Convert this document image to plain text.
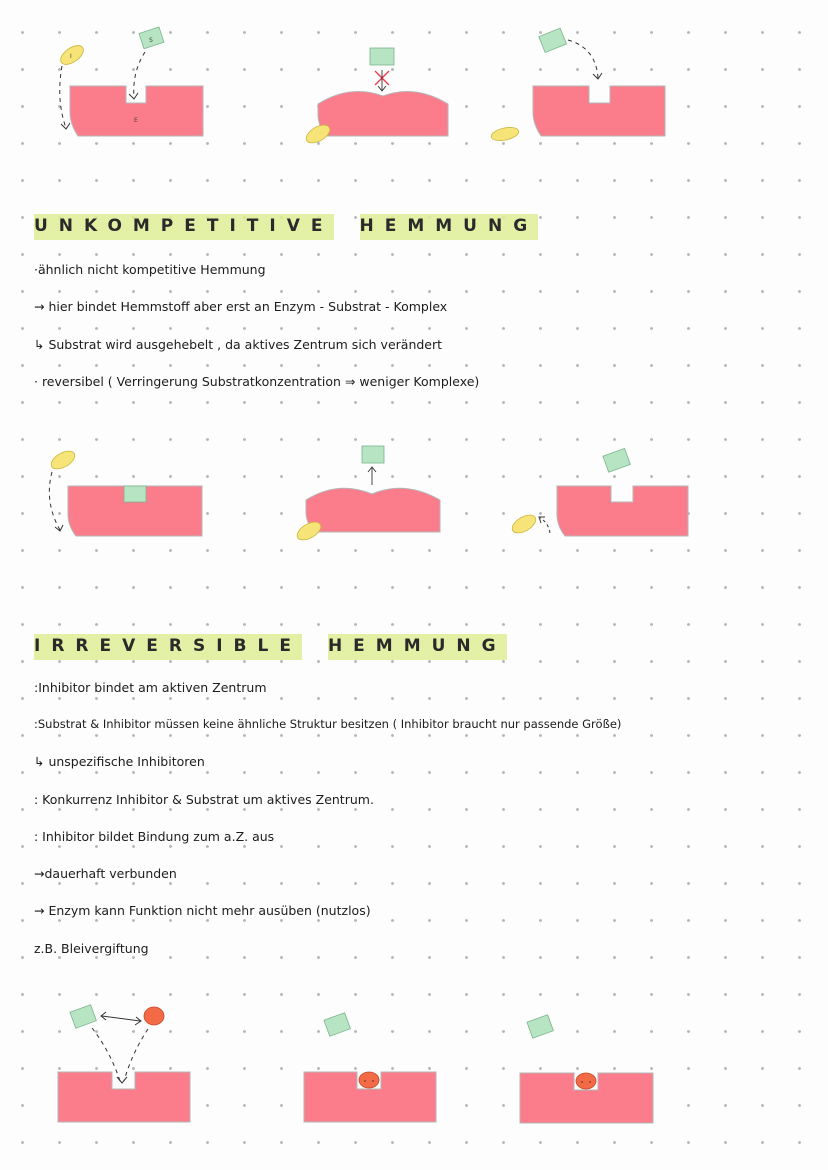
I
S
E
UNKOMPETITIVE HEMMUNG

·ähnlich nicht kompetitive Hemmung

→ hier bindet Hemmstoff aber erst an Enzym - Substrat - Komplex

↳ Substrat wird ausgehebelt , da aktives Zentrum sich verändert

· reversibel ( Verringerung Substratkonzentration ⇒ weniger Komplexe)

IRREVERSIBLE HEMMUNG

:Inhibitor bindet am aktiven Zentrum

:Substrat & Inhibitor müssen keine ähnliche Struktur besitzen ( Inhibitor braucht nur passende Größe)

↳ unspezifische Inhibitoren

: Konkurrenz Inhibitor & Substrat um aktives Zentrum.

: Inhibitor bildet Bindung zum a.Z. aus

→dauerhaft verbunden

→ Enzym kann Funktion nicht mehr ausüben (nutzlos)

z.B. Bleivergiftung
